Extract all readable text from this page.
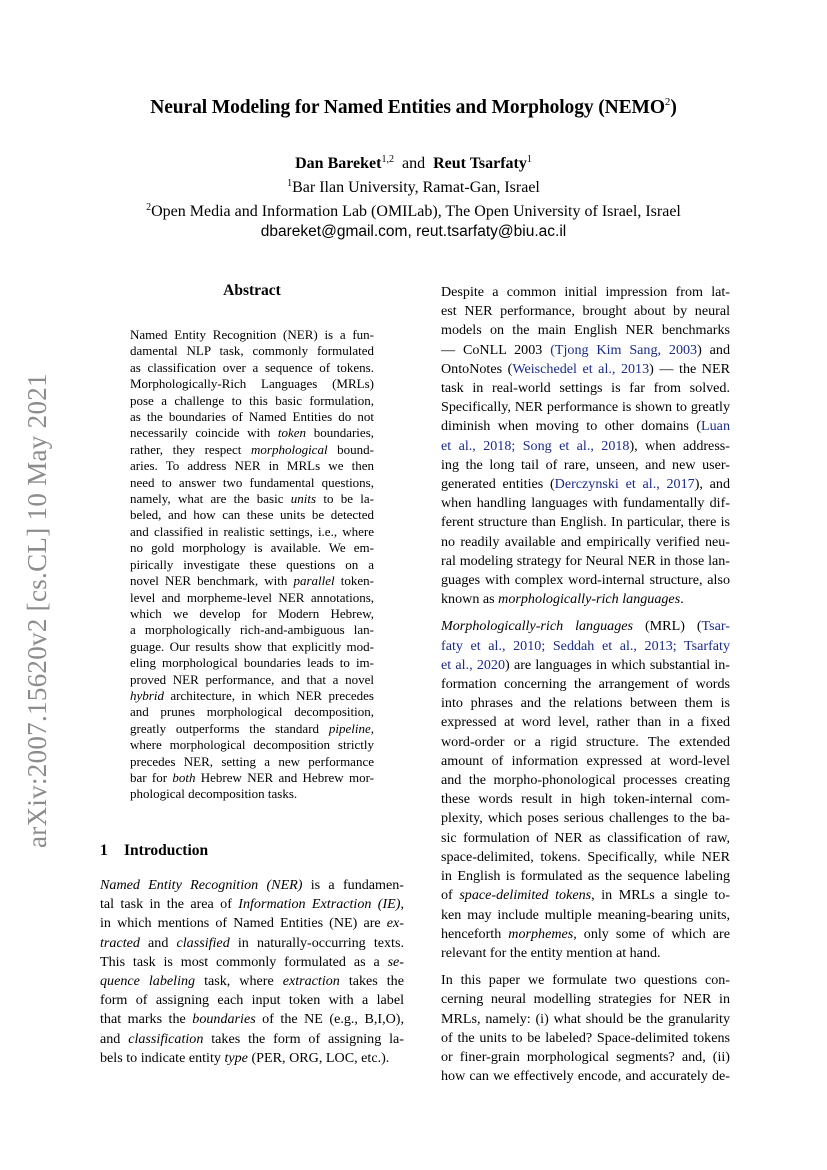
Neural Modeling for Named Entities and Morphology (NEMO$^2$)
Dan Bareket$^{1,2}$ and Reut Tsarfaty$^1$
$^1$Bar Ilan University, Ramat-Gan, Israel
$^2$Open Media and Information Lab (OMILab), The Open University of Israel, Israel
dbareket@gmail.com, reut.tsarfaty@biu.ac.il
arXiv:2007.15620v2 [cs.CL] 10 May 2021
Abstract
Named Entity Recognition (NER) is a fun-
damental NLP task, commonly formulated
as classification over a sequence of tokens.
Morphologically-Rich Languages (MRLs)
pose a challenge to this basic formulation,
as the boundaries of Named Entities do not
necessarily coincide with token boundaries,
rather, they respect morphological bound-
aries. To address NER in MRLs we then
need to answer two fundamental questions,
namely, what are the basic units to be la-
beled, and how can these units be detected
and classified in realistic settings, i.e., where
no gold morphology is available. We em-
pirically investigate these questions on a
novel NER benchmark, with parallel token-
level and morpheme-level NER annotations,
which we develop for Modern Hebrew,
a morphologically rich-and-ambiguous lan-
guage. Our results show that explicitly mod-
eling morphological boundaries leads to im-
proved NER performance, and that a novel
hybrid architecture, in which NER precedes
and prunes morphological decomposition,
greatly outperforms the standard pipeline,
where morphological decomposition strictly
precedes NER, setting a new performance
bar for both Hebrew NER and Hebrew mor-
phological decomposition tasks.
1 Introduction
Named Entity Recognition (NER) is a fundamen-
tal task in the area of Information Extraction (IE),
in which mentions of Named Entities (NE) are ex-
tracted and classified in naturally-occurring texts.
This task is most commonly formulated as a se-
quence labeling task, where extraction takes the
form of assigning each input token with a label
that marks the boundaries of the NE (e.g., B,I,O),
and classification takes the form of assigning la-
bels to indicate entity type (PER, ORG, LOC, etc.).

Despite a common initial impression from lat-
est NER performance, brought about by neural
models on the main English NER benchmarks
— CoNLL 2003 (Tjong Kim Sang, 2003) and
OntoNotes (Weischedel et al., 2013) — the NER
task in real-world settings is far from solved.
Specifically, NER performance is shown to greatly
diminish when moving to other domains (Luan
et al., 2018; Song et al., 2018), when address-
ing the long tail of rare, unseen, and new user-
generated entities (Derczynski et al., 2017), and
when handling languages with fundamentally dif-
ferent structure than English. In particular, there is
no readily available and empirically verified neu-
ral modeling strategy for Neural NER in those lan-
guages with complex word-internal structure, also
known as morphologically-rich languages.

Morphologically-rich languages (MRL) (Tsar-
faty et al., 2010; Seddah et al., 2013; Tsarfaty
et al., 2020) are languages in which substantial in-
formation concerning the arrangement of words
into phrases and the relations between them is
expressed at word level, rather than in a fixed
word-order or a rigid structure. The extended
amount of information expressed at word-level
and the morpho-phonological processes creating
these words result in high token-internal com-
plexity, which poses serious challenges to the ba-
sic formulation of NER as classification of raw,
space-delimited, tokens. Specifically, while NER
in English is formulated as the sequence labeling
of space-delimited tokens, in MRLs a single to-
ken may include multiple meaning-bearing units,
henceforth morphemes, only some of which are
relevant for the entity mention at hand.

In this paper we formulate two questions con-
cerning neural modelling strategies for NER in
MRLs, namely: (i) what should be the granularity
of the units to be labeled? Space-delimited tokens
or finer-grain morphological segments? and, (ii)
how can we effectively encode, and accurately de-
